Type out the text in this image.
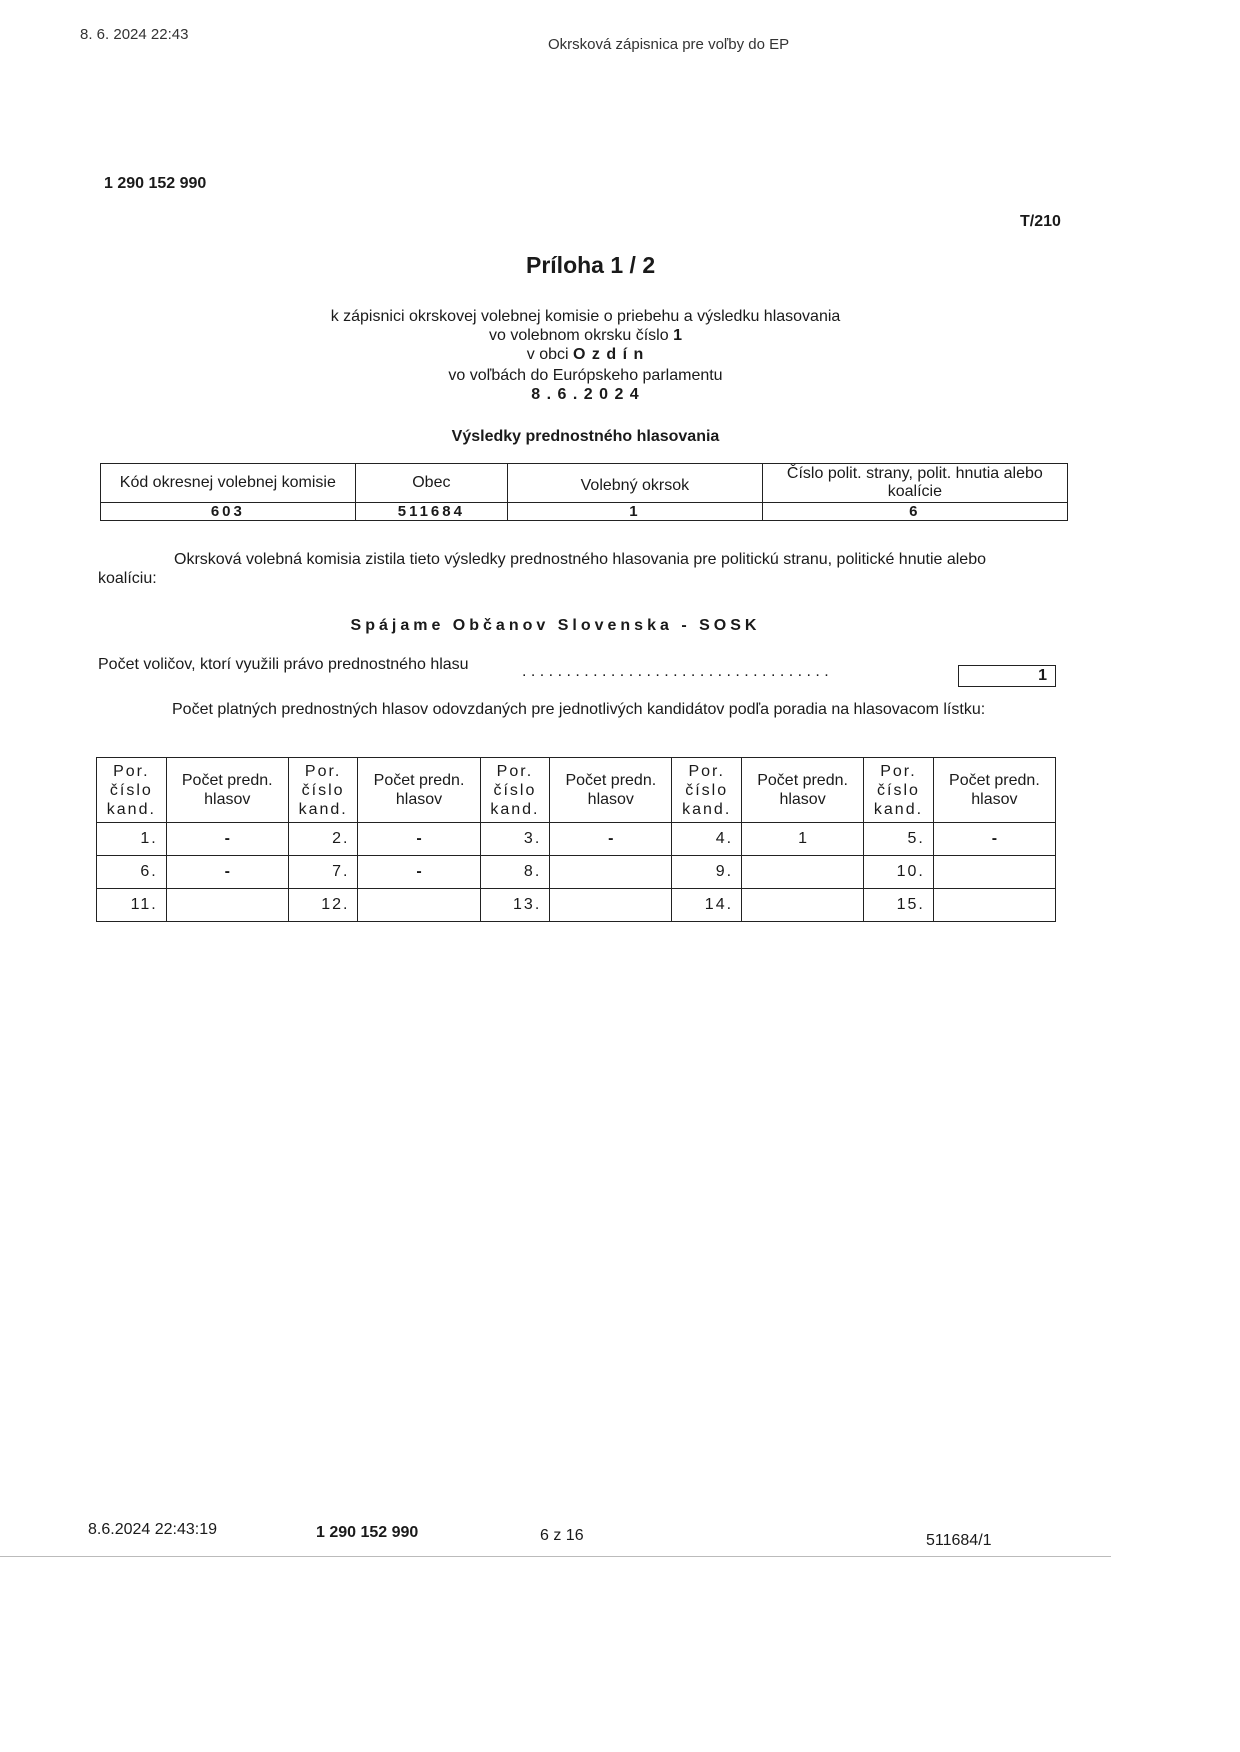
8. 6. 2024 22:43
Okrsková zápisnica pre voľby do EP
1 290 152 990
T/210
Príloha 1 / 2
k zápisnici okrskovej volebnej komisie o priebehu a výsledku hlasovania
vo volebnom okrsku číslo 1
v obci O z d í n
vo voľbách do Európskeho parlamentu
8 . 6 . 2 0 2 4
Výsledky prednostného hlasovania
Kód okresnej volebnej komisie	Obec	Volebný okrsok	Číslo polit. strany, polit. hnutia alebo koalície
603	511684	1	6
Okrsková volebná komisia zistila tieto výsledky prednostného hlasovania pre politickú stranu, politické hnutie alebo koalíciu:
Spájame Občanov Slovenska - SOSK
Počet voličov, ktorí využili právo prednostného hlasu	. . . . . . . . . . . . . . . . . . . . . . . . . . . . . . . . . . .	1
Počet platných prednostných hlasov odovzdaných pre jednotlivých kandidátov podľa poradia na hlasovacom lístku:
Por. číslo kand.	Počet predn. hlasov	Por. číslo kand.	Počet predn. hlasov	Por. číslo kand.	Počet predn. hlasov	Por. číslo kand.	Počet predn. hlasov	Por. číslo kand.	Počet predn. hlasov
1.	-	2.	-	3.	-	4.	1	5.	-
6.	-	7.	-	8.		9.		10.	
11.		12.		13.		14.		15.	
8.6.2024 22:43:19	1 290 152 990	6 z 16	511684/1
